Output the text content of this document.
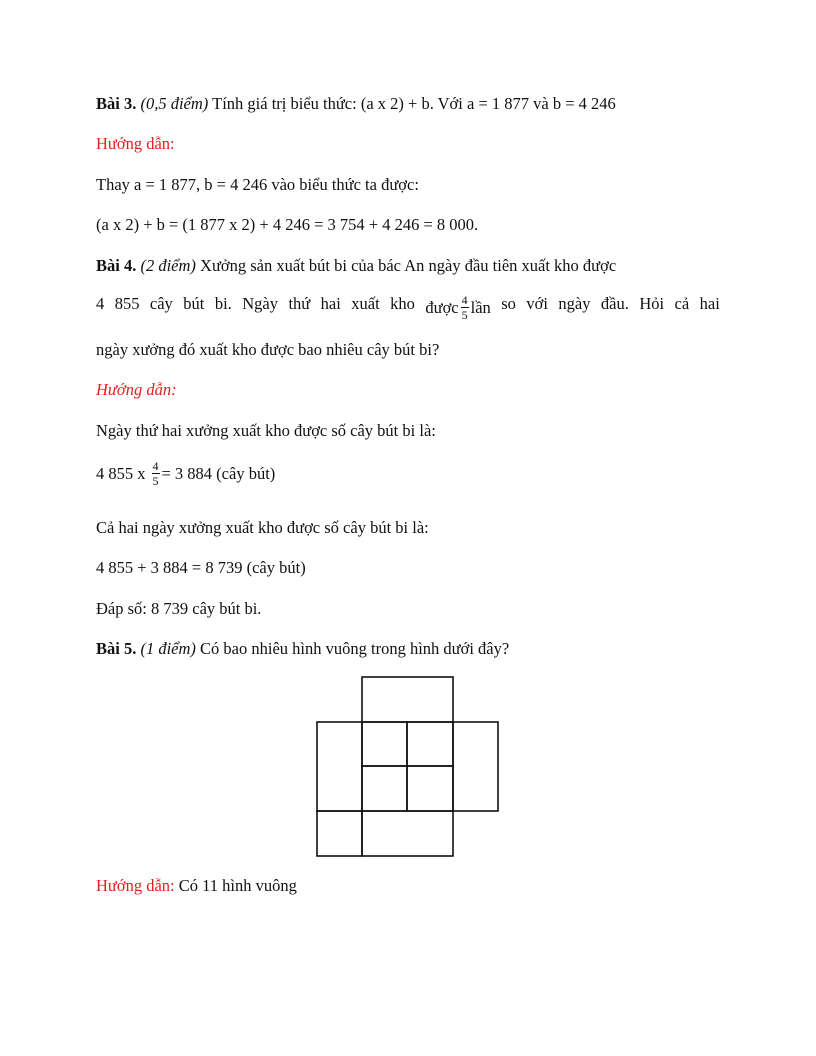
Bài 3. (0,5 điểm) Tính giá trị biểu thức: (a x 2) + b. Với a = 1 877 và b = 4 246
Hướng dẫn:
Thay a = 1 877, b = 4 246 vào biểu thức ta được:
(a x 2) + b = (1 877 x 2) + 4 246 = 3 754 + 4 246 = 8 000.
Bài 4. (2 điểm) Xưởng sản xuất bút bi của bác An ngày đầu tiên xuất kho được
4 855 cây bút bi. Ngày thứ hai xuất kho được $\frac{4}{5}$ lần so với ngày đầu. Hỏi cả hai
ngày xưởng đó xuất kho được bao nhiêu cây bút bi?
Hướng dẫn:
Ngày thứ hai xưởng xuất kho được số cây bút bi là:
4 855 x $\frac{4}{5} = 3$ 884 (cây bút)
Cả hai ngày xưởng xuất kho được số cây bút bi là:
4 855 + 3 884 = 8 739 (cây bút)
Đáp số: 8 739 cây bút bi.
Bài 5. (1 điểm) Có bao nhiêu hình vuông trong hình dưới đây?
Hướng dẫn: Có 11 hình vuông
